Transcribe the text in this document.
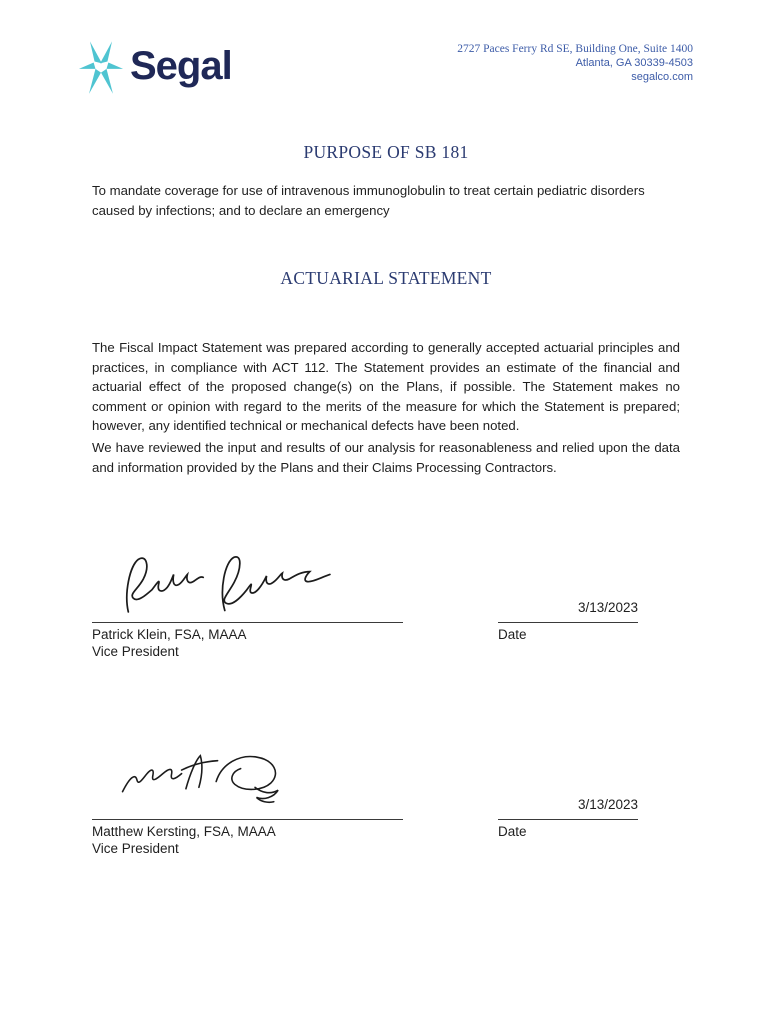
Segal	2727 Paces Ferry Rd SE, Building One, Suite 1400
Atlanta, GA 30339-4503
segalco.com
PURPOSE OF SB 181
To mandate coverage for use of intravenous immunoglobulin to treat certain pediatric disorders caused by infections; and to declare an emergency
ACTUARIAL STATEMENT
The Fiscal Impact Statement was prepared according to generally accepted actuarial principles and practices, in compliance with ACT 112. The Statement provides an estimate of the financial and actuarial effect of the proposed change(s) on the Plans, if possible. The Statement makes no comment or opinion with regard to the merits of the measure for which the Statement is prepared; however, any identified technical or mechanical defects have been noted.
We have reviewed the input and results of our analysis for reasonableness and relied upon the data and information provided by the Plans and their Claims Processing Contractors.
Patrick Klein, FSA, MAAA
Vice President
3/13/2023
Date
Matthew Kersting, FSA, MAAA
Vice President
3/13/2023
Date
